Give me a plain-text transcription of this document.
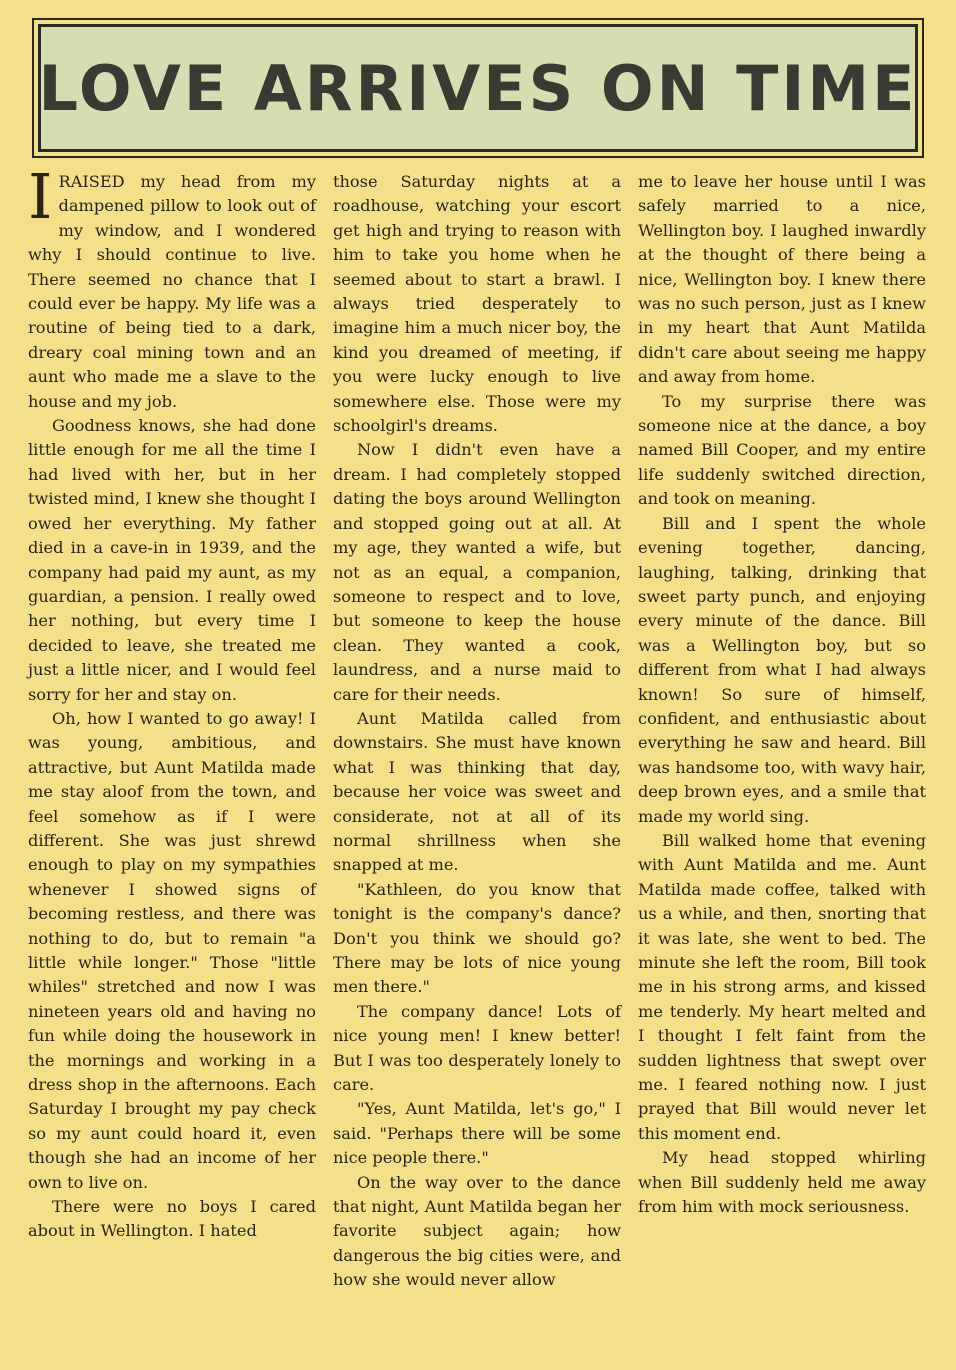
LOVE ARRIVES ON TIME

IRAISED my head from my dampened pillow to look out of my window, and I wondered why I should continue to live. There seemed no chance that I could ever be happy. My life was a routine of being tied to a dark, dreary coal mining town and an aunt who made me a slave to the house and my job.

Goodness knows, she had done little enough for me all the time I had lived with her, but in her twisted mind, I knew she thought I owed her everything. My father died in a cave-in in 1939, and the company had paid my aunt, as my guardian, a pension. I really owed her nothing, but every time I decided to leave, she treated me just a little nicer, and I would feel sorry for her and stay on.

Oh, how I wanted to go away! I was young, ambitious, and attractive, but Aunt Matilda made me stay aloof from the town, and feel somehow as if I were different. She was just shrewd enough to play on my sympathies whenever I showed signs of becoming restless, and there was nothing to do, but to remain "a little while longer." Those "little whiles" stretched and now I was nineteen years old and having no fun while doing the housework in the mornings and working in a dress shop in the afternoons. Each Saturday I brought my pay check so my aunt could hoard it, even though she had an income of her own to live on.

There were no boys I cared about in Wellington. I hated

those Saturday nights at a roadhouse, watching your escort get high and trying to reason with him to take you home when he seemed about to start a brawl. I always tried desperately to imagine him a much nicer boy, the kind you dreamed of meeting, if you were lucky enough to live somewhere else. Those were my schoolgirl's dreams.

Now I didn't even have a dream. I had completely stopped dating the boys around Wellington and stopped going out at all. At my age, they wanted a wife, but not as an equal, a companion, someone to respect and to love, but someone to keep the house clean. They wanted a cook, laundress, and a nurse maid to care for their needs.

Aunt Matilda called from downstairs. She must have known what I was thinking that day, because her voice was sweet and considerate, not at all of its normal shrillness when she snapped at me.

"Kathleen, do you know that tonight is the company's dance? Don't you think we should go? There may be lots of nice young men there."

The company dance! Lots of nice young men! I knew better! But I was too desperately lonely to care.

"Yes, Aunt Matilda, let's go," I said. "Perhaps there will be some nice people there."

On the way over to the dance that night, Aunt Matilda began her favorite subject again; how dangerous the big cities were, and how she would never allow

me to leave her house until I was safely married to a nice, Wellington boy. I laughed inwardly at the thought of there being a nice, Wellington boy. I knew there was no such person, just as I knew in my heart that Aunt Matilda didn't care about seeing me happy and away from home.

To my surprise there was someone nice at the dance, a boy named Bill Cooper, and my entire life suddenly switched direction, and took on meaning.

Bill and I spent the whole evening together, dancing, laughing, talking, drinking that sweet party punch, and enjoying every minute of the dance. Bill was a Wellington boy, but so different from what I had always known! So sure of himself, confident, and enthusiastic about everything he saw and heard. Bill was handsome too, with wavy hair, deep brown eyes, and a smile that made my world sing.

Bill walked home that evening with Aunt Matilda and me. Aunt Matilda made coffee, talked with us a while, and then, snorting that it was late, she went to bed. The minute she left the room, Bill took me in his strong arms, and kissed me tenderly. My heart melted and I thought I felt faint from the sudden lightness that swept over me. I feared nothing now. I just prayed that Bill would never let this moment end.

My head stopped whirling when Bill suddenly held me away from him with mock seriousness.
